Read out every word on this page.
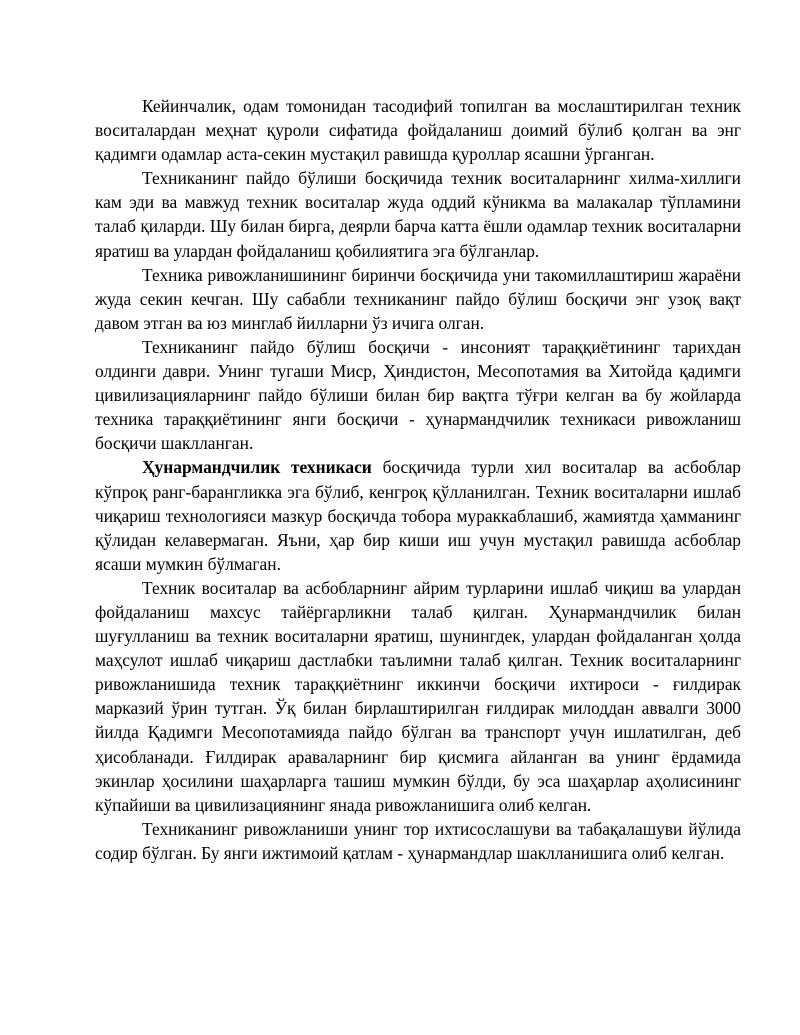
Кейинчалик, одам томонидан тасодифий топилган ва мослаштирилган техник воситалардан меҳнат қуроли сифатида фойдаланиш доимий бўлиб қолган ва энг қадимги одамлар аста-секин мустақил равишда қуроллар ясашни ўрганган.

Техниканинг пайдо бўлиши босқичида техник воситаларнинг хилма-хиллиги кам эди ва мавжуд техник воситалар жуда оддий кўникма ва малакалар тўпламини талаб қиларди. Шу билан бирга, деярли барча катта ёшли одамлар техник воситаларни яратиш ва улардан фойдаланиш қобилиятига эга бўлганлар.

Техника ривожланишининг биринчи босқичида уни такомиллаштириш жараёни жуда секин кечган. Шу сабабли техниканинг пайдо бўлиш босқичи энг узоқ вақт давом этган ва юз минглаб йилларни ўз ичига олган.

Техниканинг пайдо бўлиш босқичи - инсоният тараққиётининг тарихдан олдинги даври. Унинг тугаши Миср, Ҳиндистон, Месопотамия ва Хитойда қадимги цивилизацияларнинг пайдо бўлиши билан бир вақтга тўғри келган ва бу жойларда техника тараққиётининг янги босқичи - ҳунармандчилик техникаси ривожланиш босқичи шаклланган.

Ҳунармандчилик техникаси босқичида турли хил воситалар ва асбоблар кўпроқ ранг-барангликка эга бўлиб, кенгроқ қўлланилган. Техник воситаларни ишлаб чиқариш технологияси мазкур босқичда тобора мураккаблашиб, жамиятда ҳамманинг қўлидан келавермаган. Яъни, ҳар бир киши иш учун мустақил равишда асбоблар ясаши мумкин бўлмаган.

Техник воситалар ва асбобларнинг айрим турларини ишлаб чиқиш ва улардан фойдаланиш махсус тайёргарликни талаб қилган. Ҳунармандчилик билан шуғулланиш ва техник воситаларни яратиш, шунингдек, улардан фойдаланган ҳолда маҳсулот ишлаб чиқариш дастлабки таълимни талаб қилган. Техник воситаларнинг ривожланишида техник тараққиётнинг иккинчи босқичи ихтироси - ғилдирак марказий ўрин тутган. Ўқ билан бирлаштирилган ғилдирак милоддан аввалги 3000 йилда Қадимги Месопотамияда пайдо бўлган ва транспорт учун ишлатилган, деб ҳисобланади. Ғилдирак араваларнинг бир қисмига айланган ва унинг ёрдамида экинлар ҳосилини шаҳарларга ташиш мумкин бўлди, бу эса шаҳарлар аҳолисининг кўпайиши ва цивилизациянинг янада ривожланишига олиб келган.

Техниканинг ривожланиши унинг тор ихтисослашуви ва табақалашуви йўлида содир бўлган. Бу янги ижтимоий қатлам - ҳунармандлар шаклланишига олиб келган.
